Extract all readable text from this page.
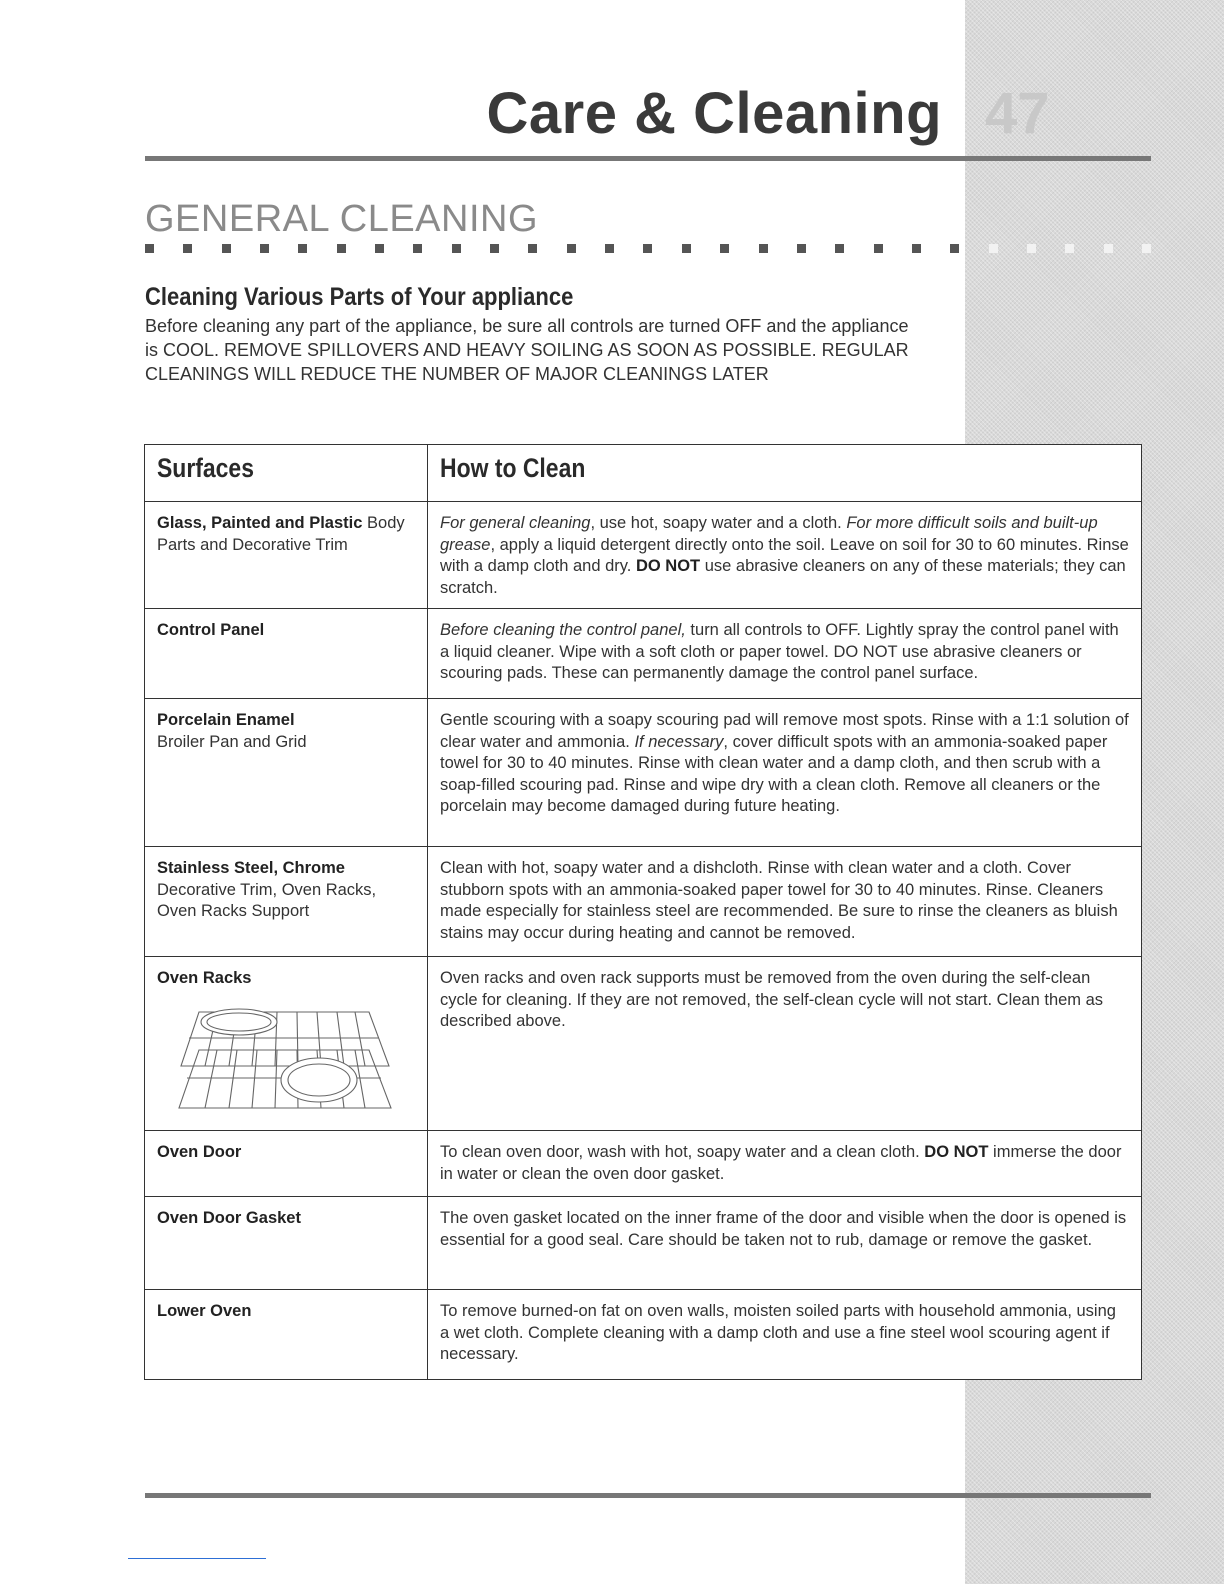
Care & Cleaning 47
GENERAL CLEANING
Cleaning Various Parts of Your appliance

Before cleaning any part of the appliance, be sure all controls are turned OFF and the appliance

is COOL. REMOVE SPILLOVERS AND HEAVY SOILING AS SOON AS POSSIBLE. REGULAR

CLEANINGS WILL REDUCE THE NUMBER OF MAJOR CLEANINGS LATER

Surfaces	How to Clean
Glass, Painted and Plastic Body Parts and Decorative Trim	For general cleaning, use hot, soapy water and a cloth. For more difficult soils and built-up grease, apply a liquid detergent directly onto the soil. Leave on soil for 30 to 60 minutes. Rinse with a damp cloth and dry. DO NOT use abrasive cleaners on any of these materials; they can scratch.
Control Panel	Before cleaning the control panel, turn all controls to OFF. Lightly spray the control panel with a liquid cleaner. Wipe with a soft cloth or paper towel. DO NOT use abrasive cleaners or scouring pads. These can permanently damage the control panel surface.

Porcelain Enamel
Broiler Pan and Grid	Gentle scouring with a soapy scouring pad will remove most spots. Rinse with a 1:1 solution of clear water and ammonia. If necessary, cover difficult spots with an ammonia-soaked paper towel for 30 to 40 minutes. Rinse with clean water and a damp cloth, and then scrub with a soap-filled scouring pad. Rinse and wipe dry with a clean cloth. Remove all cleaners or the porcelain may become damaged during future heating.

Stainless Steel, Chrome
Decorative Trim, Oven Racks, Oven Racks Support	Clean with hot, soapy water and a dishcloth. Rinse with clean water and a cloth. Cover stubborn spots with an ammonia-soaked paper towel for 30 to 40 minutes. Rinse. Cleaners made especially for stainless steel are recommended. Be sure to rinse the cleaners as bluish stains may occur during heating and cannot be removed.

Oven Racks	Oven racks and oven rack supports must be removed from the oven during the self-clean cycle for cleaning. If they are not removed, the self-clean cycle will not start. Clean them as described above.
Oven Door	To clean oven door, wash with hot, soapy water and a clean cloth. DO NOT immerse the door in water or clean the oven door gasket.
Oven Door Gasket	The oven gasket located on the inner frame of the door and visible when the door is opened is essential for a good seal. Care should be taken not to rub, damage or remove the gasket.
Lower Oven	To remove burned-on fat on oven walls, moisten soiled parts with household ammonia, using a wet cloth. Complete cleaning with a damp cloth and use a fine steel wool scouring agent if necessary.
